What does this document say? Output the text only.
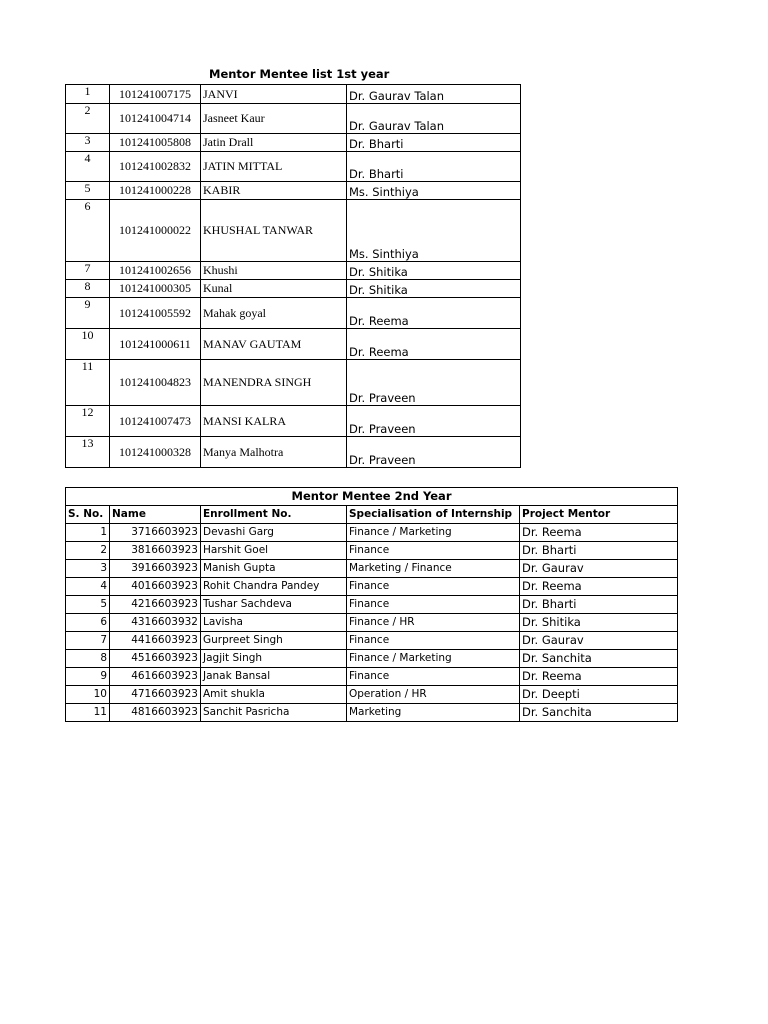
Mentor Mentee list 1st year
1	101241007175	JANVI	Dr. Gaurav Talan
2	101241004714	Jasneet Kaur	Dr. Gaurav Talan
3	101241005808	Jatin Drall	Dr. Bharti
4	101241002832	JATIN MITTAL	Dr. Bharti
5	101241000228	KABIR	Ms. Sinthiya
6	101241000022	KHUSHAL TANWAR	Ms. Sinthiya
7	101241002656	Khushi	Dr. Shitika
8	101241000305	Kunal	Dr. Shitika
9	101241005592	Mahak goyal	Dr. Reema
10	101241000611	MANAV GAUTAM	Dr. Reema
11	101241004823	MANENDRA SINGH	Dr. Praveen
12	101241007473	MANSI KALRA	Dr. Praveen
13	101241000328	Manya Malhotra	Dr. Praveen
Mentor Mentee 2nd Year				
S. No.	Name	Enrollment No.	Specialisation of Internship	Project Mentor
1	3716603923	Devashi Garg	Finance / Marketing	Dr. Reema
2	3816603923	Harshit Goel	Finance	Dr. Bharti
3	3916603923	Manish Gupta	Marketing / Finance	Dr. Gaurav
4	4016603923	Rohit Chandra Pandey	Finance	Dr. Reema
5	4216603923	Tushar Sachdeva	Finance	Dr. Bharti
6	4316603932	Lavisha	Finance / HR	Dr. Shitika
7	4416603923	Gurpreet Singh	Finance	Dr. Gaurav
8	4516603923	Jagjit Singh	Finance / Marketing	Dr. Sanchita
9	4616603923	Janak Bansal	Finance	Dr. Reema
10	4716603923	Amit shukla	Operation / HR	Dr. Deepti
11	4816603923	Sanchit Pasricha	Marketing	Dr. Sanchita
